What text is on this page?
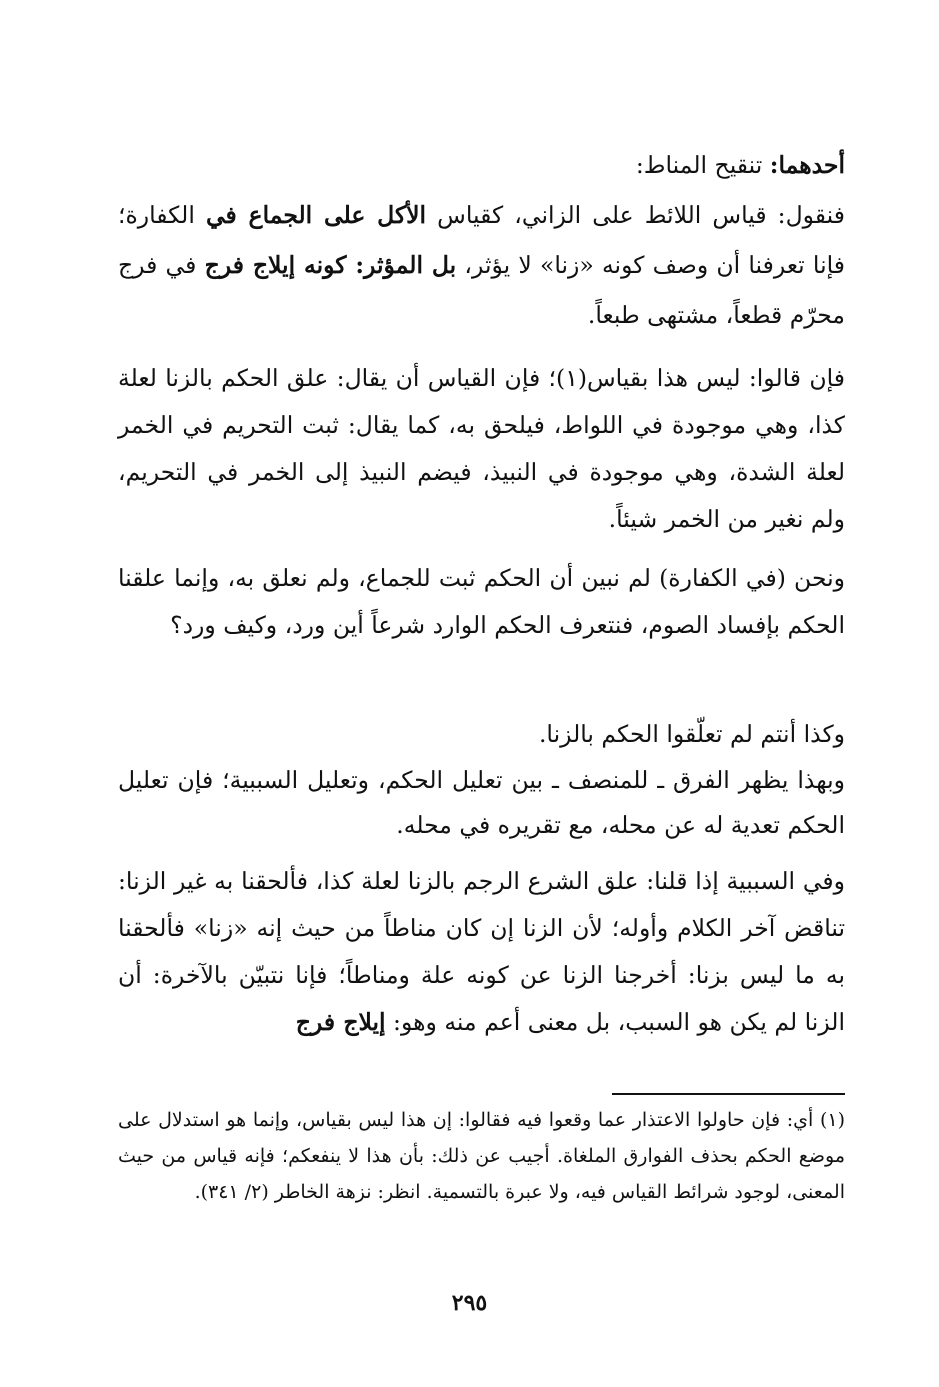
أحدهما: تنقيح المناط:
فنقول: قياس اللائط على الزاني، كقياس الأكل على الجماع في الكفارة؛ فإنا تعرفنا أن وصف كونه «زنا» لا يؤثر، بل المؤثر: كونه إيلاج فرج في فرج محرّم قطعاً، مشتهى طبعاً.
فإن قالوا: ليس هذا بقياس(١)؛ فإن القياس أن يقال: علق الحكم بالزنا لعلة كذا، وهي موجودة في اللواط، فيلحق به، كما يقال: ثبت التحريم في الخمر لعلة الشدة، وهي موجودة في النبيذ، فيضم النبيذ إلى الخمر في التحريم، ولم نغير من الخمر شيئاً.
ونحن (في الكفارة) لم نبين أن الحكم ثبت للجماع، ولم نعلق به، وإنما علقنا الحكم بإفساد الصوم، فنتعرف الحكم الوارد شرعاً أين ورد، وكيف ورد؟
وكذا أنتم لم تعلّقوا الحكم بالزنا.
وبهذا يظهر الفرق ـ للمنصف ـ بين تعليل الحكم، وتعليل السببية؛ فإن تعليل الحكم تعدية له عن محله، مع تقريره في محله.
وفي السببية إذا قلنا: علق الشرع الرجم بالزنا لعلة كذا، فألحقنا به غير الزنا: تناقض آخر الكلام وأوله؛ لأن الزنا إن كان مناطاً من حيث إنه «زنا» فألحقنا به ما ليس بزنا: أخرجنا الزنا عن كونه علة ومناطاً؛ فإنا نتبيّن بالآخرة: أن الزنا لم يكن هو السبب، بل معنى أعم منه وهو: إيلاج فرج
(١) أي: فإن حاولوا الاعتذار عما وقعوا فيه فقالوا: إن هذا ليس بقياس، وإنما هو استدلال على موضع الحكم بحذف الفوارق الملغاة. أجيب عن ذلك: بأن هذا لا ينفعكم؛ فإنه قياس من حيث المعنى، لوجود شرائط القياس فيه، ولا عبرة بالتسمية. انظر: نزهة الخاطر (٢/ ٣٤١).
٢٩٥
